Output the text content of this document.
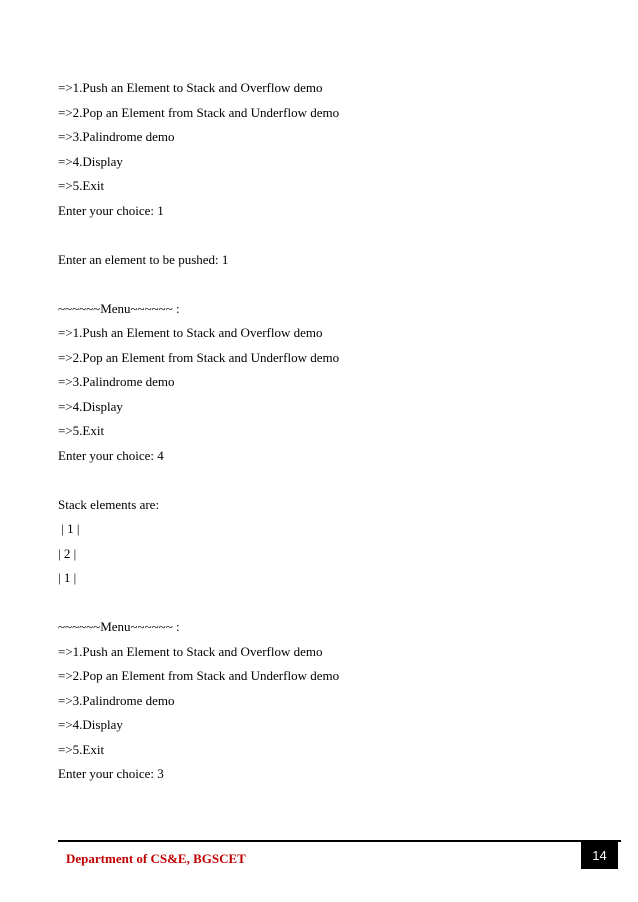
=>1.Push an Element to Stack and Overflow demo
=>2.Pop an Element from Stack and Underflow demo
=>3.Palindrome demo
=>4.Display
=>5.Exit
Enter your choice: 1
Enter an element to be pushed: 1
~~~~~~Menu~~~~~~ :
=>1.Push an Element to Stack and Overflow demo
=>2.Pop an Element from Stack and Underflow demo
=>3.Palindrome demo
=>4.Display
=>5.Exit
Enter your choice: 4
Stack elements are:
| 1 |
| 2 |
| 1 |
~~~~~~Menu~~~~~~ :
=>1.Push an Element to Stack and Overflow demo
=>2.Pop an Element from Stack and Underflow demo
=>3.Palindrome demo
=>4.Display
=>5.Exit
Enter your choice: 3
Department of CS&E, BGSCET	14
